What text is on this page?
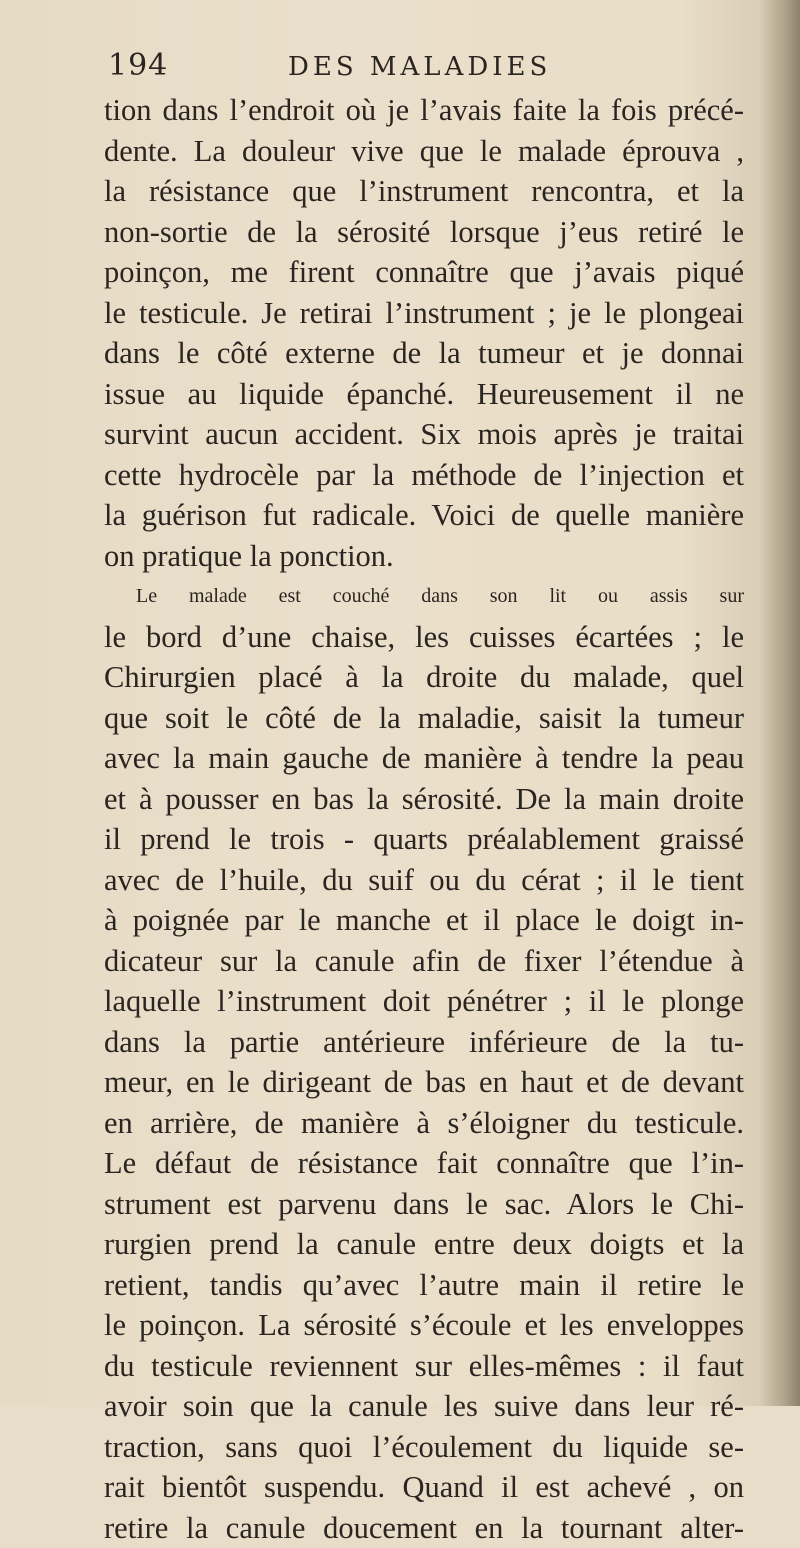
194	DES MALADIES
tion dans l’endroit où je l’avais faite la fois précé-
dente. La douleur vive que le malade éprouva ,
la résistance que l’instrument rencontra, et la
non-sortie de la sérosité lorsque j’eus retiré le
poinçon, me firent connaître que j’avais piqué
le testicule. Je retirai l’instrument ; je le plongeai
dans le côté externe de la tumeur et je donnai
issue au liquide épanché. Heureusement il ne
survint aucun accident. Six mois après je traitai
cette hydrocèle par la méthode de l’injection et
la guérison fut radicale. Voici de quelle manière
on pratique la ponction.
Le malade est couché dans son lit ou assis sur
le bord d’une chaise, les cuisses écartées ; le
Chirurgien placé à la droite du malade, quel
que soit le côté de la maladie, saisit la tumeur
avec la main gauche de manière à tendre la peau
et à pousser en bas la sérosité. De la main droite
il prend le trois - quarts préalablement graissé
avec de l’huile, du suif ou du cérat ; il le tient
à poignée par le manche et il place le doigt in-
dicateur sur la canule afin de fixer l’étendue à
laquelle l’instrument doit pénétrer ; il le plonge
dans la partie antérieure inférieure de la tu-
meur, en le dirigeant de bas en haut et de devant
en arrière, de manière à s’éloigner du testicule.
Le défaut de résistance fait connaître que l’in-
strument est parvenu dans le sac. Alors le Chi-
rurgien prend la canule entre deux doigts et la
retient, tandis qu’avec l’autre main il retire le
le poinçon. La sérosité s’écoule et les enveloppes
du testicule reviennent sur elles-mêmes : il faut
avoir soin que la canule les suive dans leur ré-
traction, sans quoi l’écoulement du liquide se-
rait bientôt suspendu. Quand il est achevé , on
retire la canule doucement en la tournant alter-
